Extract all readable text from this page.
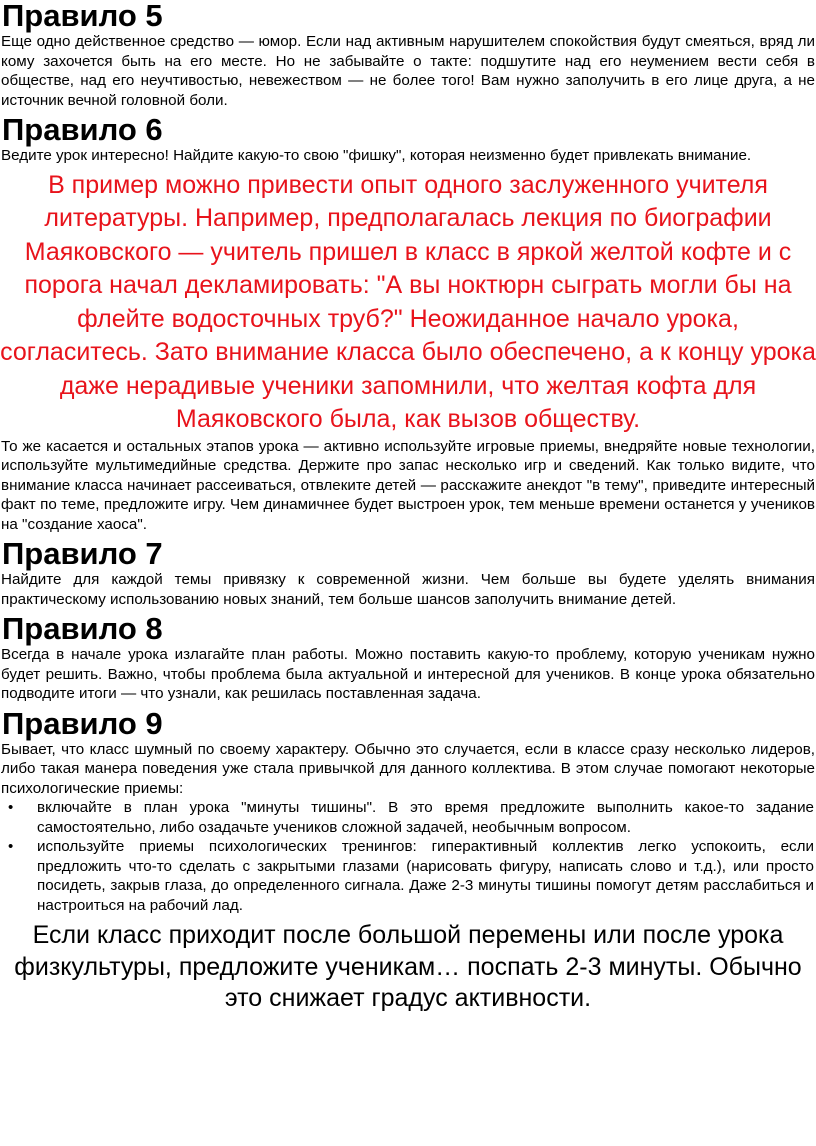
Правило 5

Еще одно действенное средство — юмор. Если над активным нарушителем спокойствия будут смеяться, вряд ли кому захочется быть на его месте. Но не забывайте о такте: подшутите над его неумением вести себя в обществе, над его неучтивостью, невежеством — не более того! Вам нужно заполучить в его лице друга, а не источник вечной головной боли.

Правило 6

Ведите урок интересно! Найдите какую-то свою "фишку", которая неизменно будет привлекать внимание.

В пример можно привести опыт одного заслуженного учителя литературы. Например, предполагалась лекция по биографии Маяковского — учитель пришел в класс в яркой желтой кофте и с порога начал декламировать: "А вы ноктюрн сыграть могли бы на флейте водосточных труб?" Неожиданное начало урока, согласитесь. Зато внимание класса было обеспечено, а к концу урока даже нерадивые ученики запомнили, что желтая кофта для Маяковского была, как вызов обществу.

То же касается и остальных этапов урока — активно используйте игровые приемы, внедряйте новые технологии, используйте мультимедийные средства. Держите про запас несколько игр и сведений. Как только видите, что внимание класса начинает рассеиваться, отвлеките детей — расскажите анекдот "в тему", приведите интересный факт по теме, предложите игру. Чем динамичнее будет выстроен урок, тем меньше времени останется у учеников на "создание хаоса".

Правило 7

Найдите для каждой темы привязку к современной жизни. Чем больше вы будете уделять внимания практическому использованию новых знаний, тем больше шансов заполучить внимание детей.

Правило 8

Всегда в начале урока излагайте план работы. Можно поставить какую-то проблему, которую ученикам нужно будет решить. Важно, чтобы проблема была актуальной и интересной для учеников. В конце урока обязательно подводите итоги — что узнали, как решилась поставленная задача.

Правило 9

Бывает, что класс шумный по своему характеру. Обычно это случается, если в классе сразу несколько лидеров, либо такая манера поведения уже стала привычкой для данного коллектива. В этом случае помогают некоторые психологические приемы:

• включайте в план урока "минуты тишины". В это время предложите выполнить какое-то задание самостоятельно, либо озадачьте учеников сложной задачей, необычным вопросом.
• используйте приемы психологических тренингов: гиперактивный коллектив легко успокоить, если предложить что-то сделать с закрытыми глазами (нарисовать фигуру, написать слово и т.д.), или просто посидеть, закрыв глаза, до определенного сигнала. Даже 2-3 минуты тишины помогут детям расслабиться и настроиться на рабочий лад.

Если класс приходит после большой перемены или после урока физкультуры, предложите ученикам… поспать 2-3 минуты. Обычно это снижает градус активности.
